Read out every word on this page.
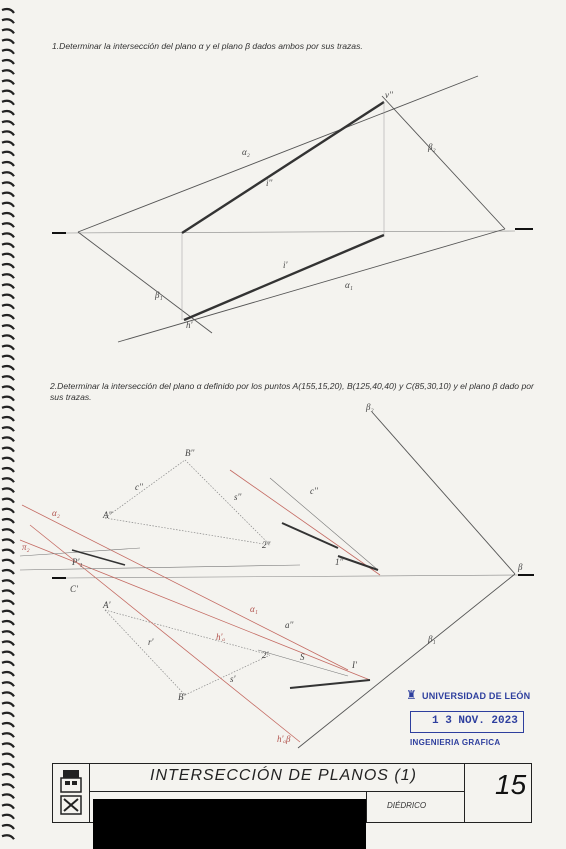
1.Determinar la intersección del plano α y el plano β dados ambos por sus trazas.
2.Determinar la intersección del plano α definido por los puntos A(155,15,20), B(125,40,40) y C(85,30,10) y el plano β dado por sus trazas.
α₂	β₂
β₁
α₁
v''
h'
i'
i''
β₂
β
β₁
B''
A''
s''
c''	c''
α₂
π₂
P'₁
2''
1''
C'
A'	α₁
h'ₐ
r'
a''
2'	S
s'
I'
B'
h'ₐβ
♜ UNIVERSIDAD DE LEÓN
1 3 NOV. 2023
INGENIERIA GRAFICA
INTERSECCIÓN DE PLANOS (1)
DIÉDRICO
15
